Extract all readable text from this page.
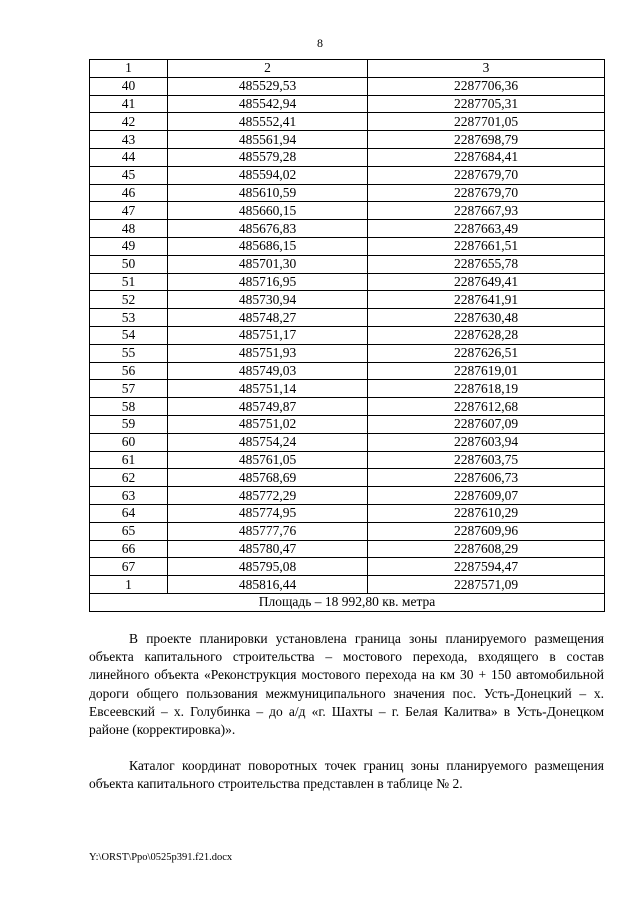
8
1	2	3
40	485529,53	2287706,36
41	485542,94	2287705,31
42	485552,41	2287701,05
43	485561,94	2287698,79
44	485579,28	2287684,41
45	485594,02	2287679,70
46	485610,59	2287679,70
47	485660,15	2287667,93
48	485676,83	2287663,49
49	485686,15	2287661,51
50	485701,30	2287655,78
51	485716,95	2287649,41
52	485730,94	2287641,91
53	485748,27	2287630,48
54	485751,17	2287628,28
55	485751,93	2287626,51
56	485749,03	2287619,01
57	485751,14	2287618,19
58	485749,87	2287612,68
59	485751,02	2287607,09
60	485754,24	2287603,94
61	485761,05	2287603,75
62	485768,69	2287606,73
63	485772,29	2287609,07
64	485774,95	2287610,29
65	485777,76	2287609,96
66	485780,47	2287608,29
67	485795,08	2287594,47
1	485816,44	2287571,09
Площадь – 18 992,80 кв. метра		

В проекте планировки установлена граница зоны планируемого размещения объекта капитального строительства – мостового перехода, входящего в состав линейного объекта «Реконструкция мостового перехода на км 30 + 150 автомобильной дороги общего пользования межмуниципального значения пос. Усть-Донецкий – х. Евсеевский – х. Голубинка – до а/д «г. Шахты – г. Белая Калитва» в Усть-Донецком районе (корректировка)».

Каталог координат поворотных точек границ зоны планируемого размещения объекта капитального строительства представлен в таблице № 2.

Y:\ORST\Ppo\0525p391.f21.docx
